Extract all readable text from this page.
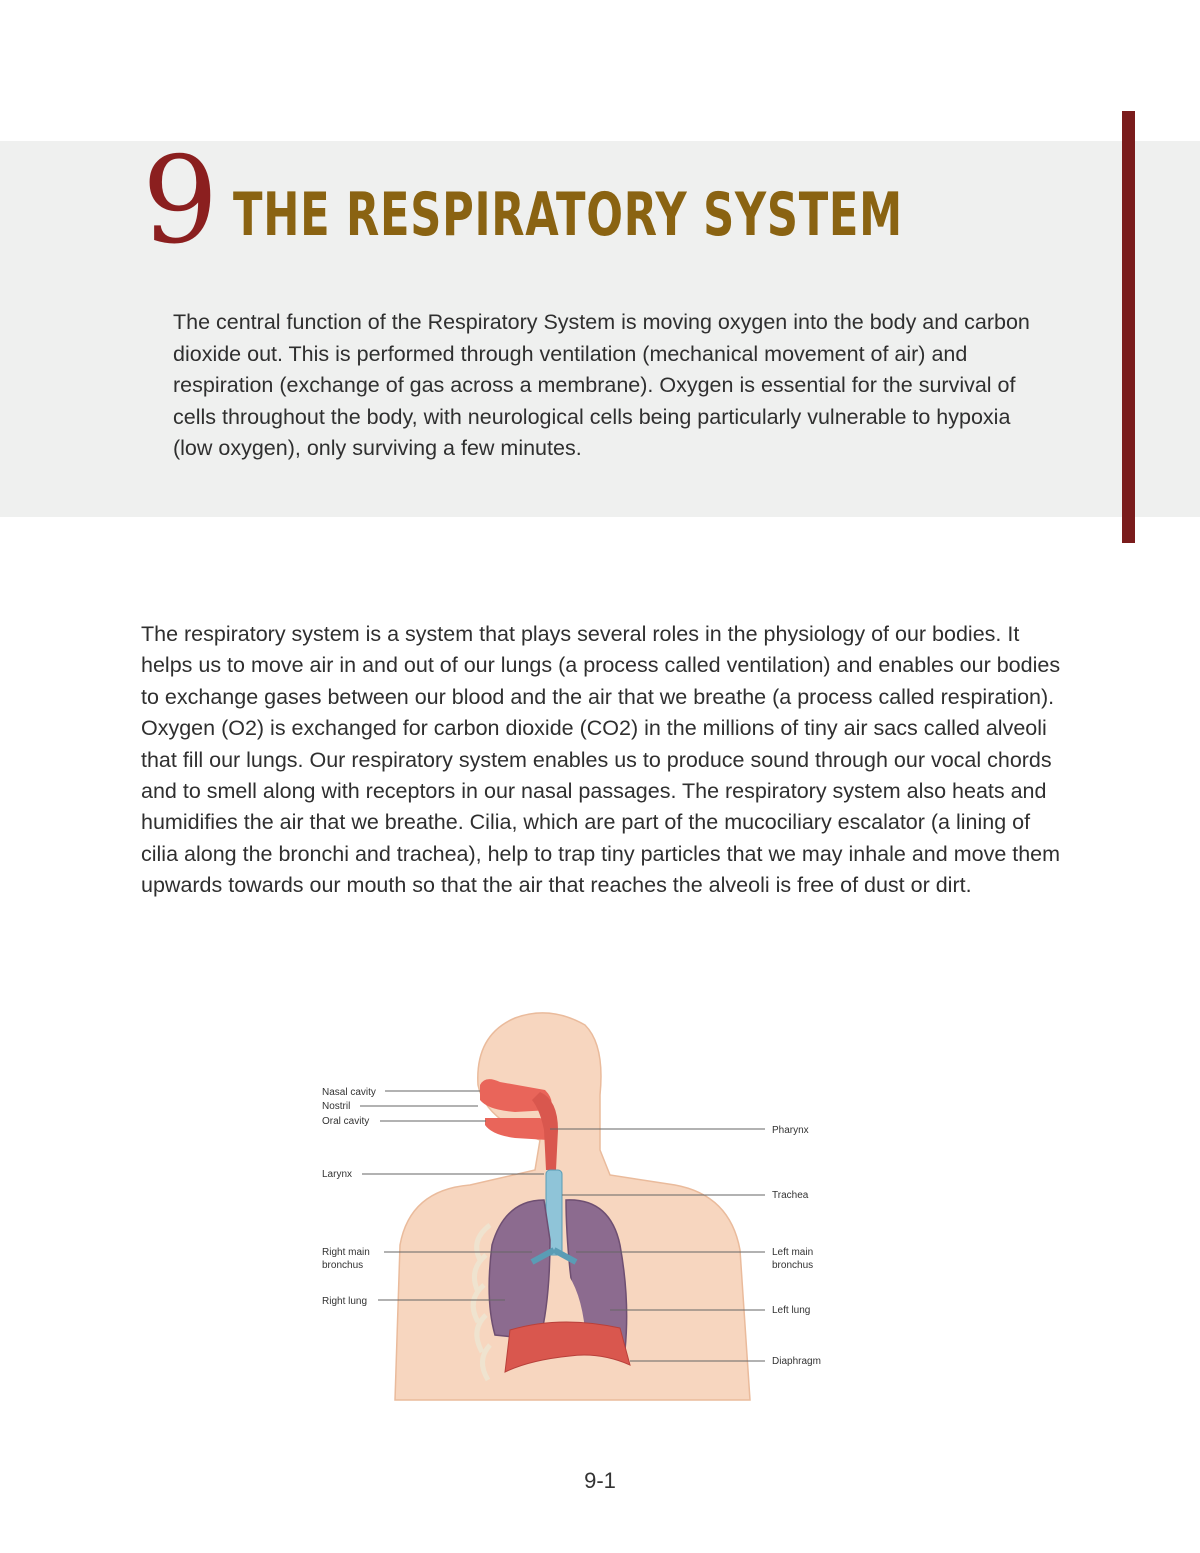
9 THE RESPIRATORY SYSTEM
The central function of the Respiratory System is moving oxygen into the body and carbon dioxide out. This is performed through ventilation (mechanical movement of air) and respiration (exchange of gas across a membrane). Oxygen is essential for the survival of cells throughout the body, with neurological cells being particularly vulnerable to hypoxia (low oxygen), only surviving a few minutes.
The respiratory system is a system that plays several roles in the physiology of our bodies. It helps us to move air in and out of our lungs (a process called ventilation) and enables our bodies to exchange gases between our blood and the air that we breathe (a process called respiration). Oxygen (O2) is exchanged for carbon dioxide (CO2) in the millions of tiny air sacs called alveoli that fill our lungs. Our respiratory system enables us to produce sound through our vocal chords and to smell along with receptors in our nasal passages. The respiratory system also heats and humidifies the air that we breathe. Cilia, which are part of the mucociliary escalator (a lining of cilia along the bronchi and trachea), help to trap tiny particles that we may inhale and move them upwards towards our mouth so that the air that reaches the alveoli is free of dust or dirt.
Nasal cavity
Nostril
Oral cavity
Larynx
Right main
bronchus
Right lung
Pharynx
Trachea
Left main
bronchus
Left lung
Diaphragm
9-1
